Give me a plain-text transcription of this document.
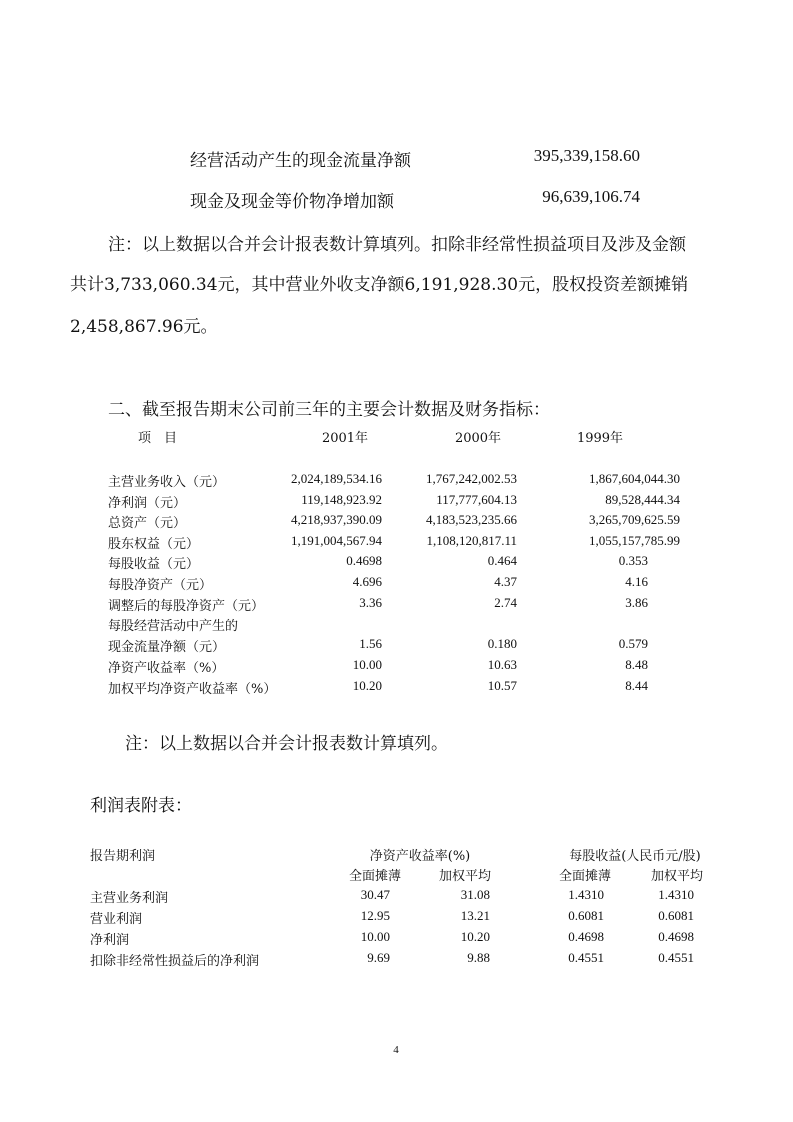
经营活动产生的现金流量净额	395,339,158.60
现金及现金等价物净增加额	96,639,106.74
注：以上数据以合并会计报表数计算填列。扣除非经常性损益项目及涉及金额
共计3,733,060.34元，其中营业外收支净额6,191,928.30元，股权投资差额摊销
2,458,867.96元。
二、截至报告期末公司前三年的主要会计数据及财务指标：
项　目	2001年	2000年	1999年
主营业务收入（元）	2,024,189,534.16	1,767,242,002.53	1,867,604,044.30
净利润（元）	119,148,923.92	117,777,604.13	89,528,444.34
总资产（元）	4,218,937,390.09	4,183,523,235.66	3,265,709,625.59
股东权益（元）	1,191,004,567.94	1,108,120,817.11	1,055,157,785.99
每股收益（元）	0.4698	0.464	0.353
每股净资产（元）	4.696	4.37	4.16
调整后的每股净资产（元）	3.36	2.74	3.86
每股经营活动中产生的
现金流量净额（元）	1.56	0.180	0.579
净资产收益率（%）	10.00	10.63	8.48
加权平均净资产收益率（%）	10.20	10.57	8.44
注：以上数据以合并会计报表数计算填列。
利润表附表：
报告期利润	净资产收益率(%)	每股收益(人民币元/股)
全面摊薄	加权平均	全面摊薄	加权平均
主营业务利润	30.47	31.08	1.4310	1.4310
营业利润	12.95	13.21	0.6081	0.6081
净利润	10.00	10.20	0.4698	0.4698
扣除非经常性损益后的净利润	9.69	9.88	0.4551	0.4551
4
